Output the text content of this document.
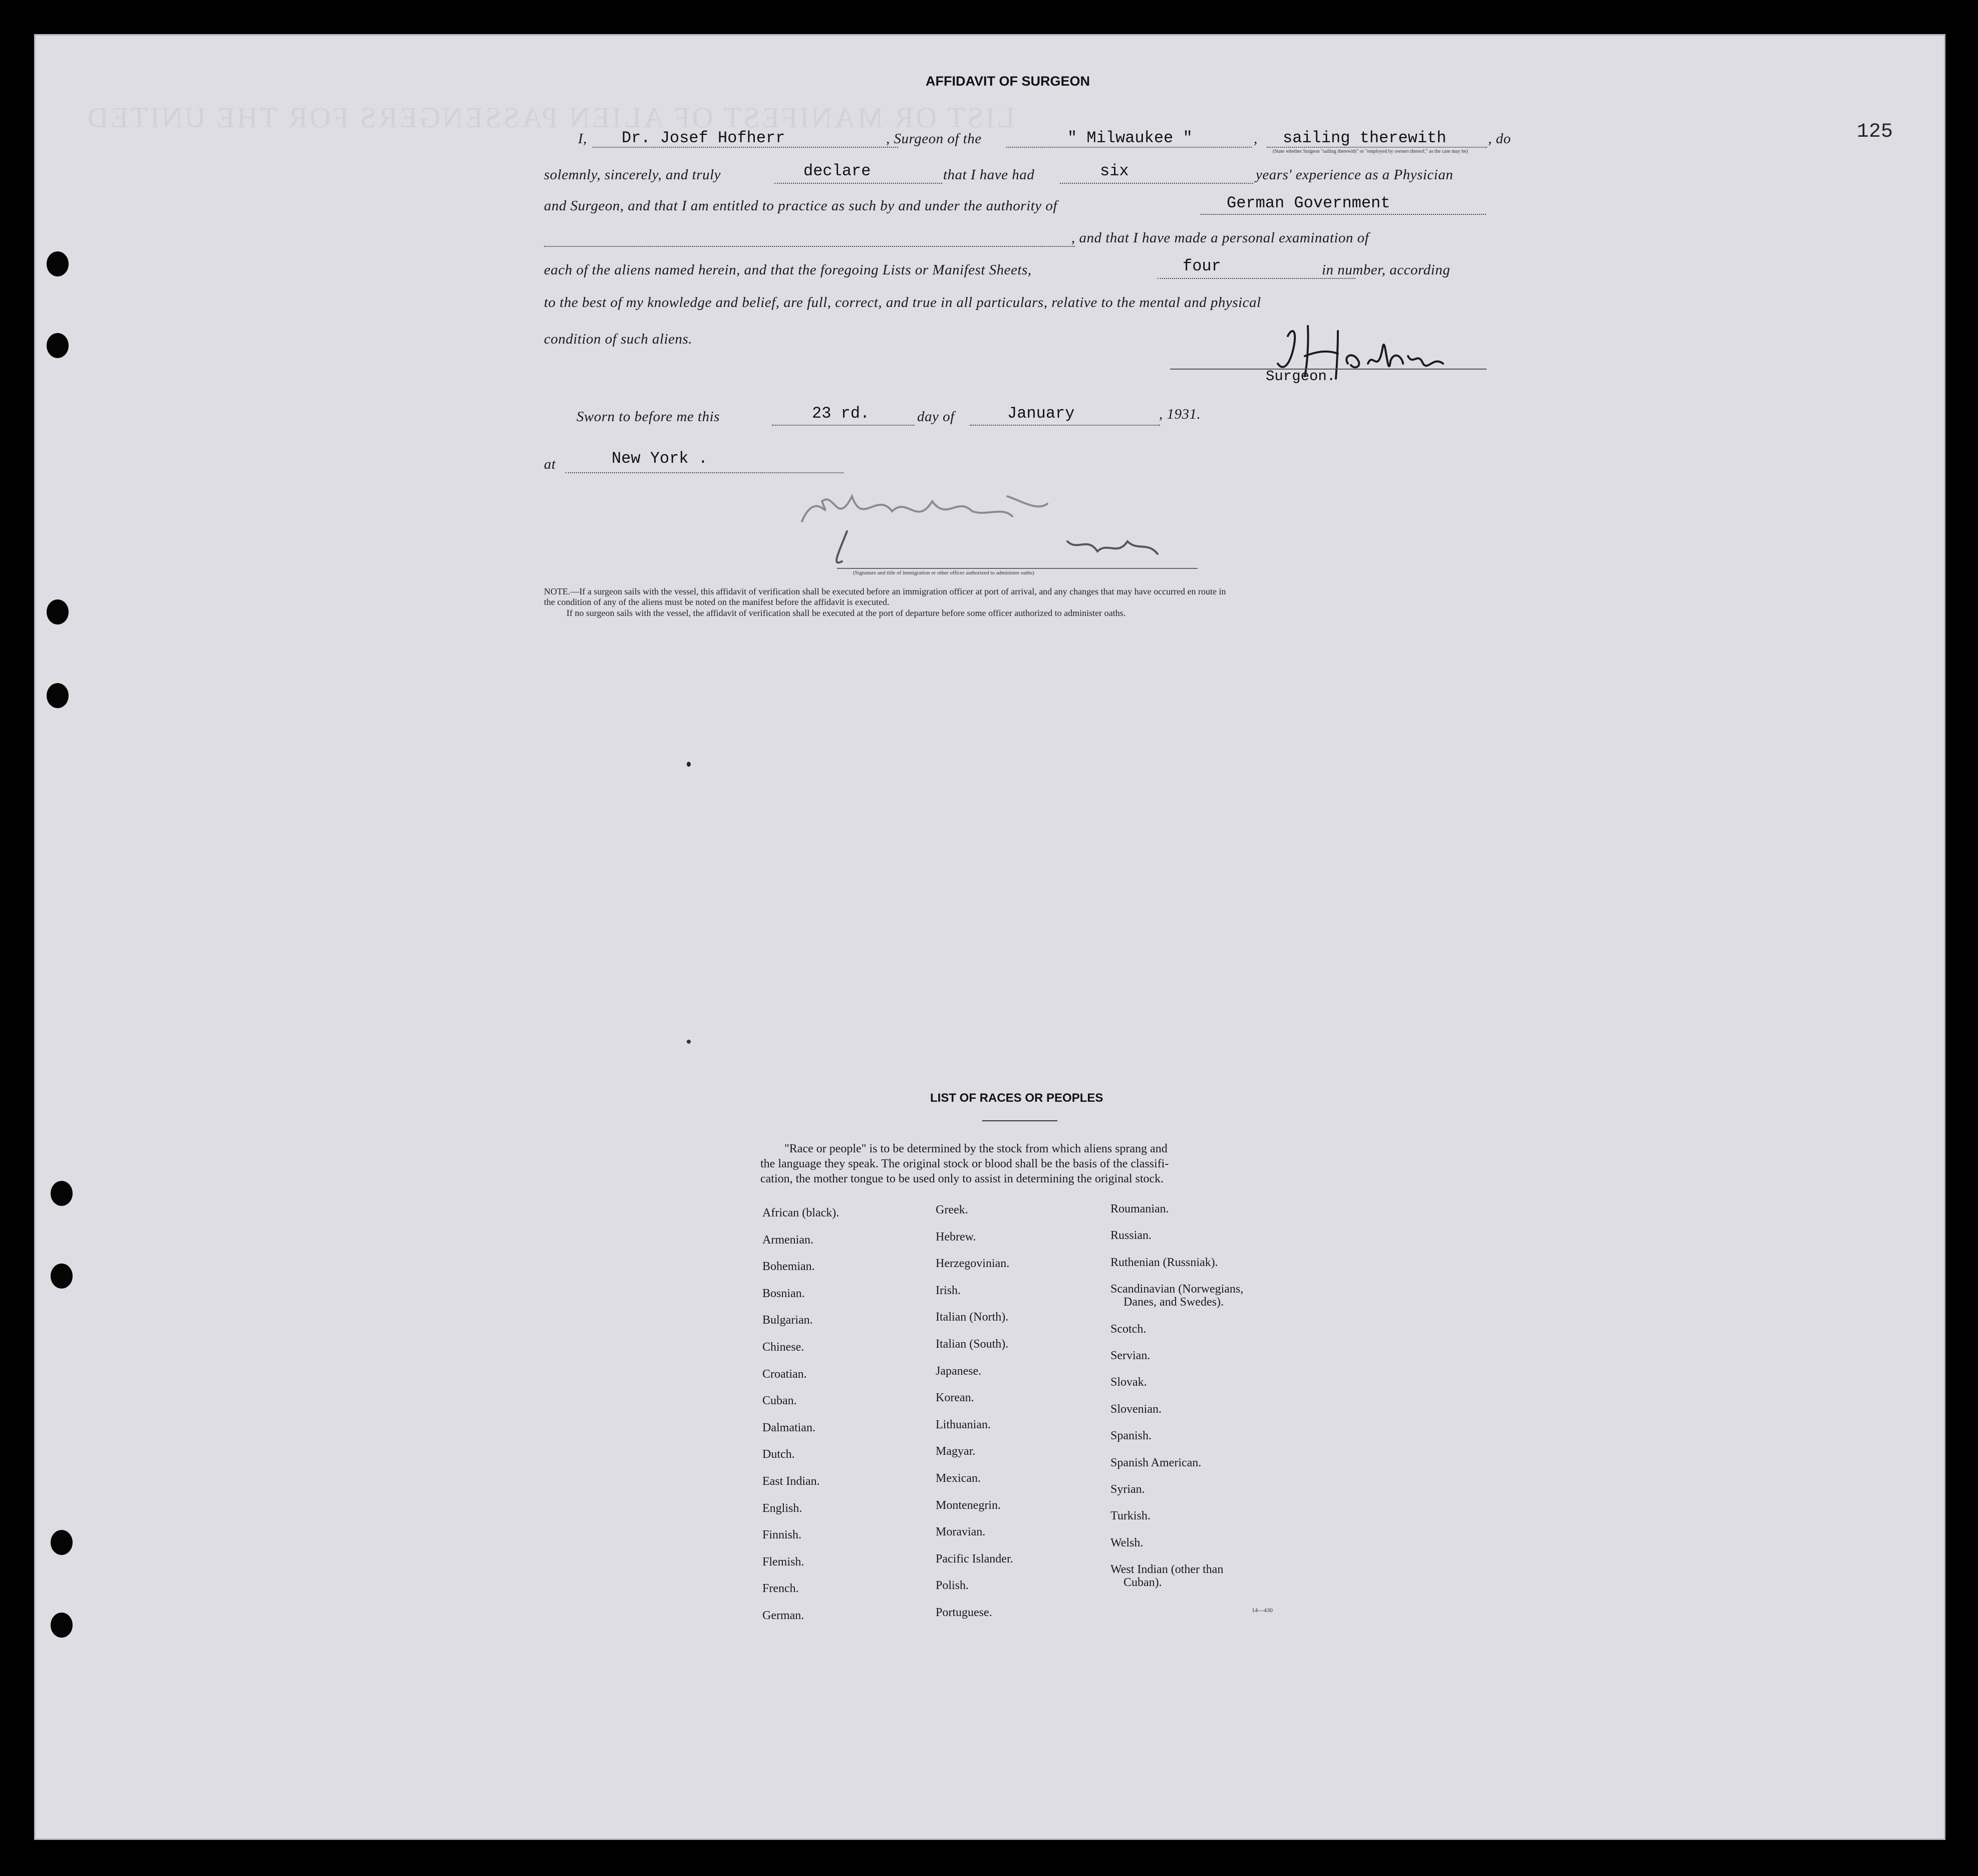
LIST OR MANIFEST OF ALIEN PASSENGERS FOR THE UNITED	125
AFFIDAVIT OF SURGEON
I, Dr. Josef Hofherr	, Surgeon of the	" Milwaukee "	, sailing therewith	, do
(State whether Surgeon "sailing therewith" or "employed by owners thereof," as the case may be)
solemnly, sincerely, and truly	declare	that I have had	six	years' experience as a Physician
and Surgeon, and that I am entitled to practice as such by and under the authority of	German Government
, and that I have made a personal examination of
each of the aliens named herein, and that the foregoing Lists or Manifest Sheets,	four	in number, according
to the best of my knowledge and belief, are full, correct, and true in all particulars, relative to the mental and physical
condition of such aliens.
Surgeon.
Sworn to before me this	23 rd.	day of	January	, 1931.
at	New York .
(Signature and title of immigration or other officer authorized to administer oaths)
NOTE.—If a surgeon sails with the vessel, this affidavit of verification shall be executed before an immigration officer at port of arrival, and any changes that may have occurred en route in
the condition of any of the aliens must be noted on the manifest before the affidavit is executed.
If no surgeon sails with the vessel, the affidavit of verification shall be executed at the port of departure before some officer authorized to administer oaths.
LIST OF RACES OR PEOPLES
"Race or people" is to be determined by the stock from which aliens sprang and
the language they speak. The original stock or blood shall be the basis of the classifi-
cation, the mother tongue to be used only to assist in determining the original stock.
African (black).
Armenian.
Bohemian.
Bosnian.
Bulgarian.
Chinese.
Croatian.
Cuban.
Dalmatian.
Dutch.
East Indian.
English.
Finnish.
Flemish.
French.
German.
Greek.
Hebrew.
Herzegovinian.
Irish.
Italian (North).
Italian (South).
Japanese.
Korean.
Lithuanian.
Magyar.
Mexican.
Montenegrin.
Moravian.
Pacific Islander.
Polish.
Portuguese.
Roumanian.
Russian.
Ruthenian (Russniak).
Scandinavian (Norwegians,
Danes, and Swedes).
Scotch.
Servian.
Slovak.
Slovenian.
Spanish.
Spanish American.
Syrian.
Turkish.
Welsh.
West Indian (other than
Cuban).
14—430
